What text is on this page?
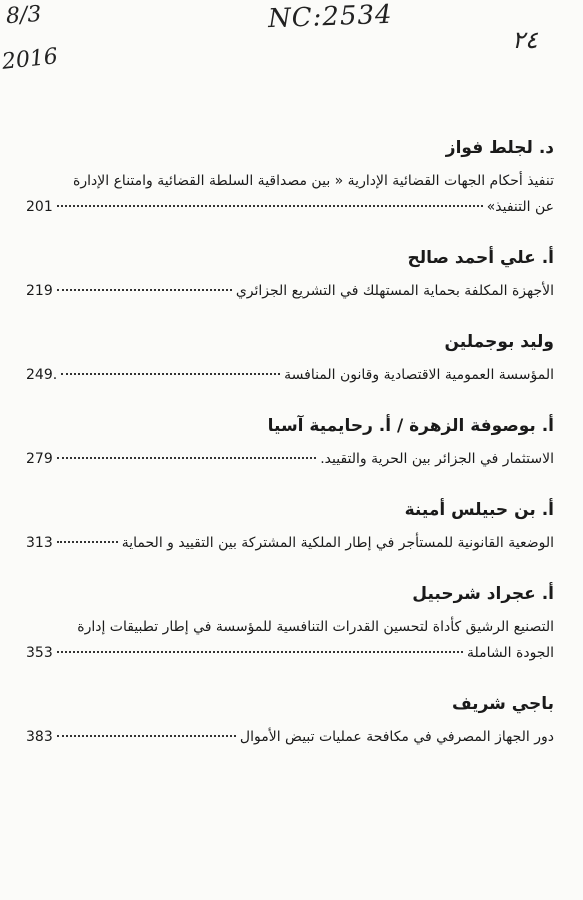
8/3
2016
NC:2534
٢٤
د. لجلط فواز
تنفيذ أحكام الجهات القضائية الإدارية « بين مصداقية السلطة القضائية وامتناع الإدارة
عن التنفيذ»
201
أ. علي أحمد صالح
الأجهزة المكلفة بحماية المستهلك في التشريع الجزائري
219
وليد بوجملين
المؤسسة العمومية الاقتصادية وقانون المنافسة
249.
أ. بوصوفة الزهرة / أ. رحايمية آسيا
الاستثمار في الجزائر بين الحرية والتقييد.
279
أ. بن حبيلس أمينة
الوضعية القانونية للمستأجر في إطار الملكية المشتركة بين التقييد و الحماية
313
أ. عجراد شرحبيل
التصنيع الرشيق كأداة لتحسين القدرات التنافسية للمؤسسة في إطار تطبيقات إدارة
الجودة الشاملة
353
باجي شريف
دور الجهاز المصرفي في مكافحة عمليات تبيض الأموال
383
